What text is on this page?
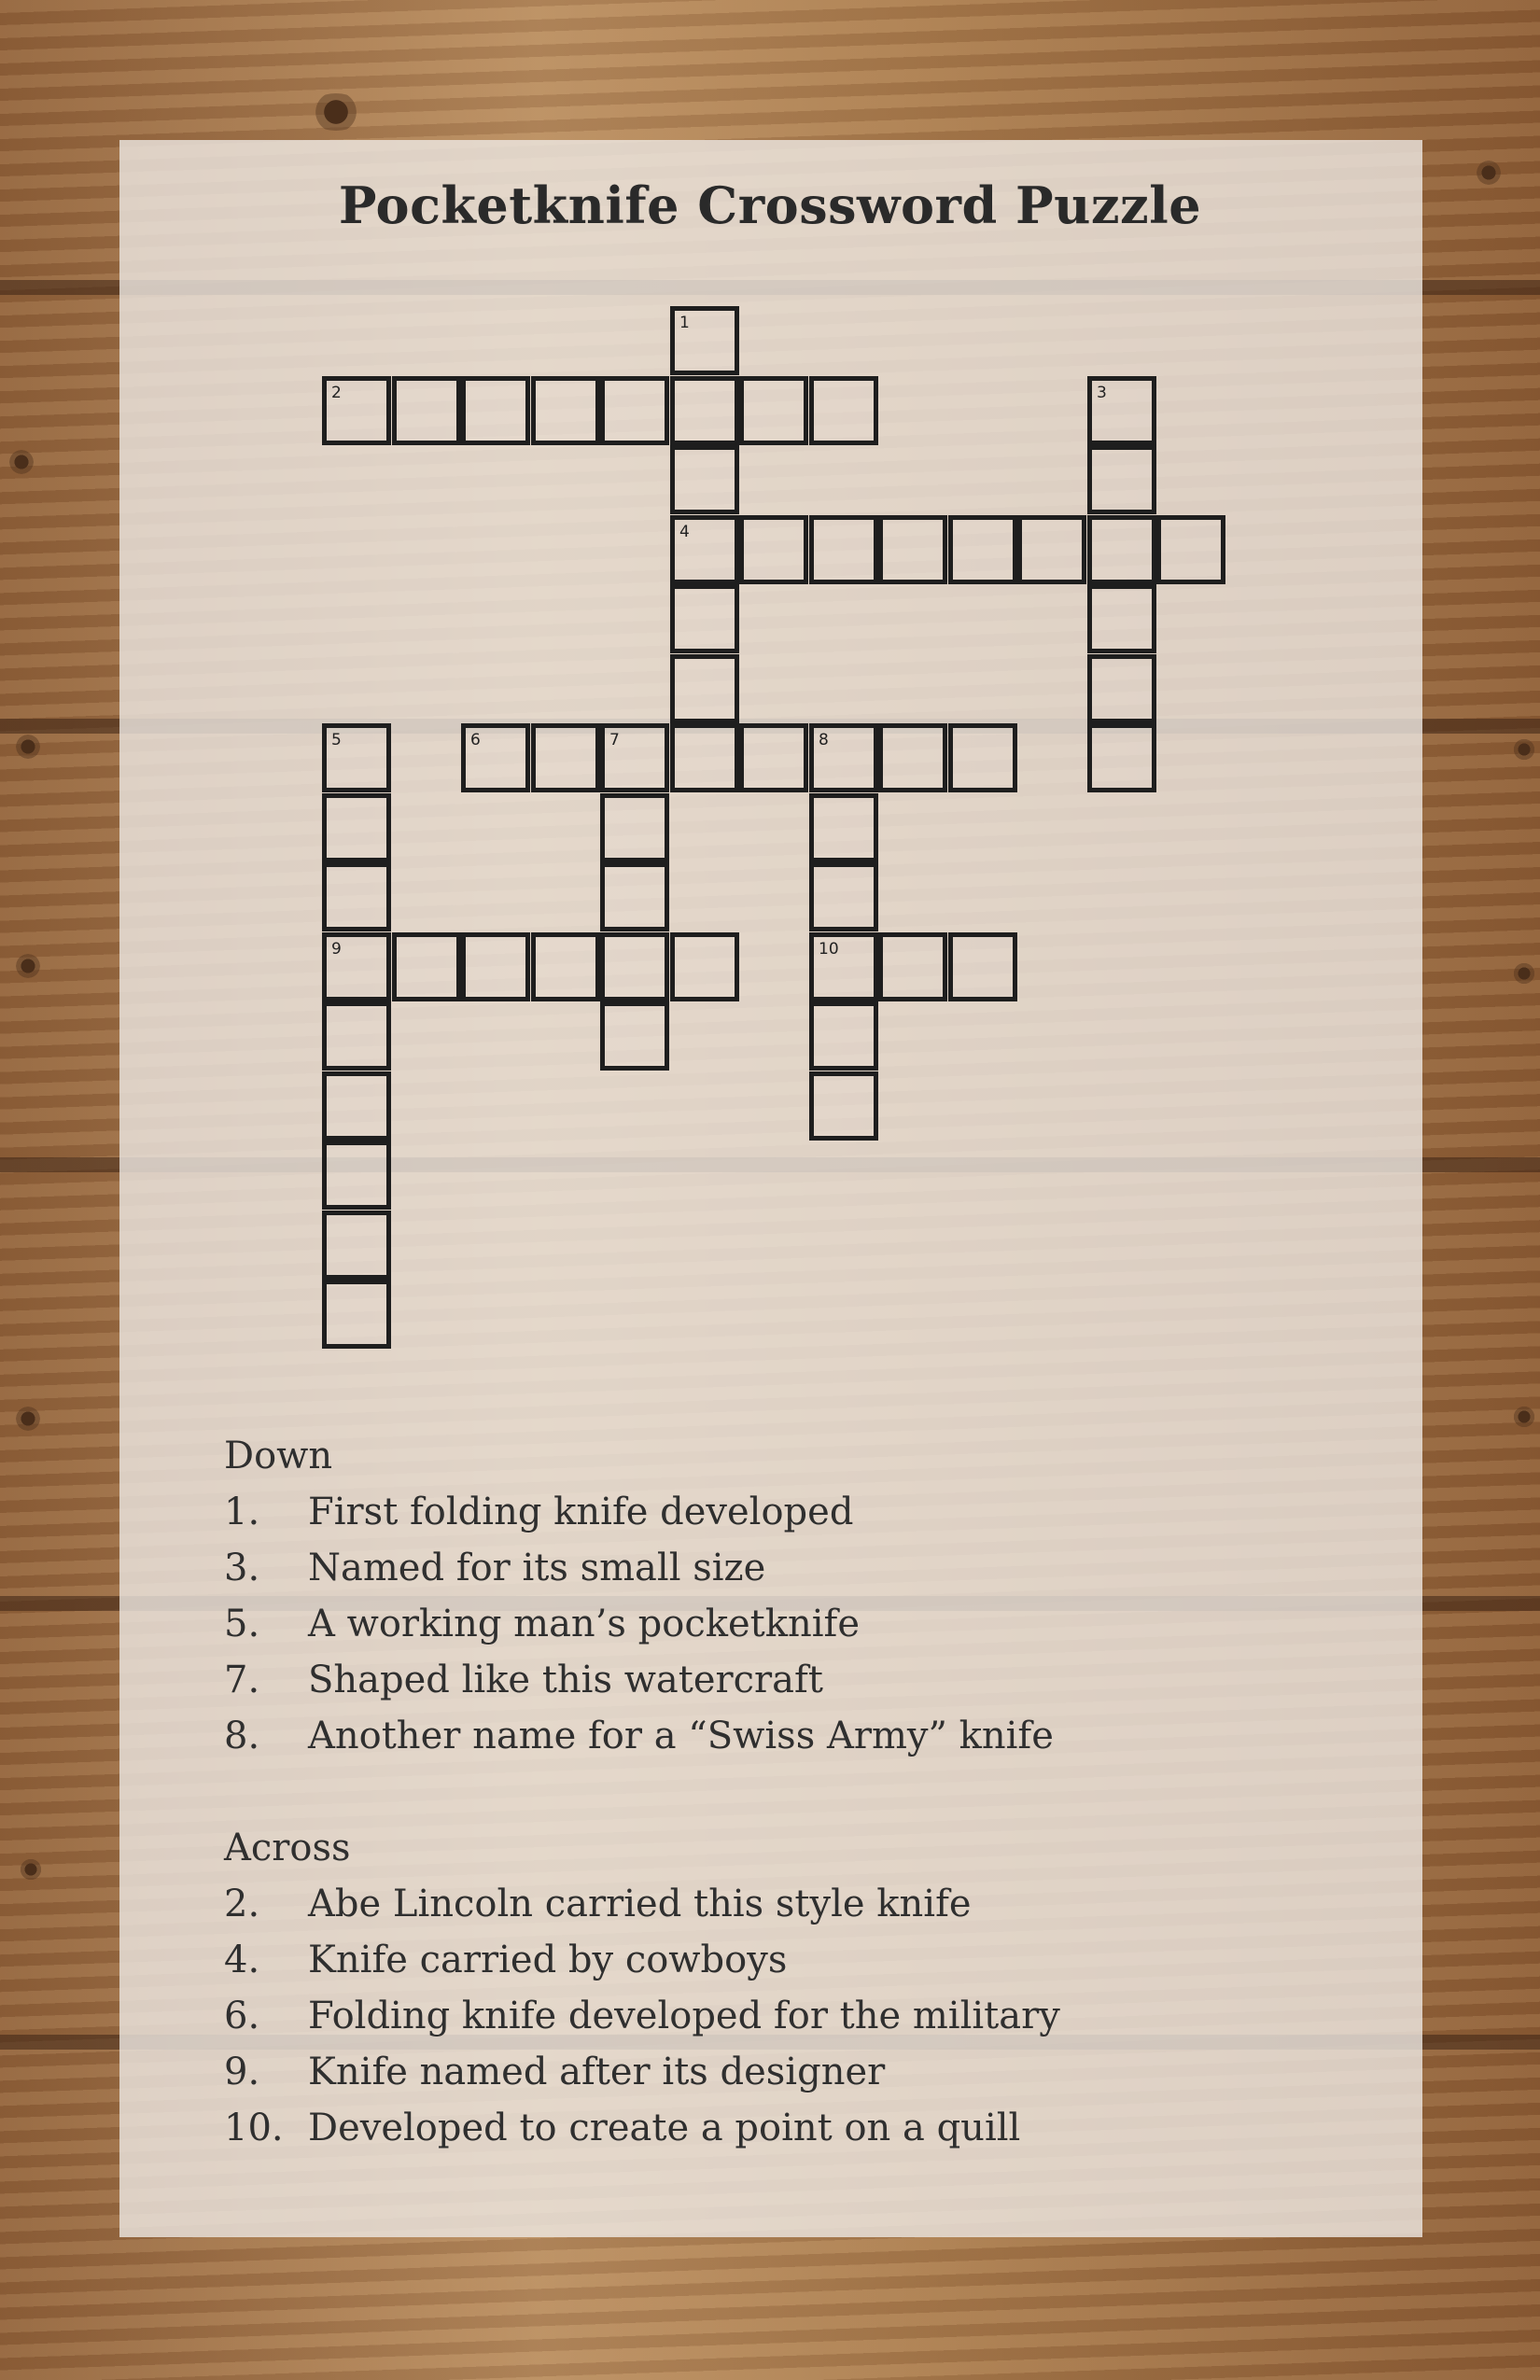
Pocketknife Crossword Puzzle
1
2	3
4
5	6	7	8
9	10
Down
1. First folding knife developed
3. Named for its small size
5. A working man’s pocketknife
7. Shaped like this watercraft
8. Another name for a “Swiss Army” knife
Across
2. Abe Lincoln carried this style knife
4. Knife carried by cowboys
6. Folding knife developed for the military
9. Knife named after its designer
10. Developed to create a point on a quill
